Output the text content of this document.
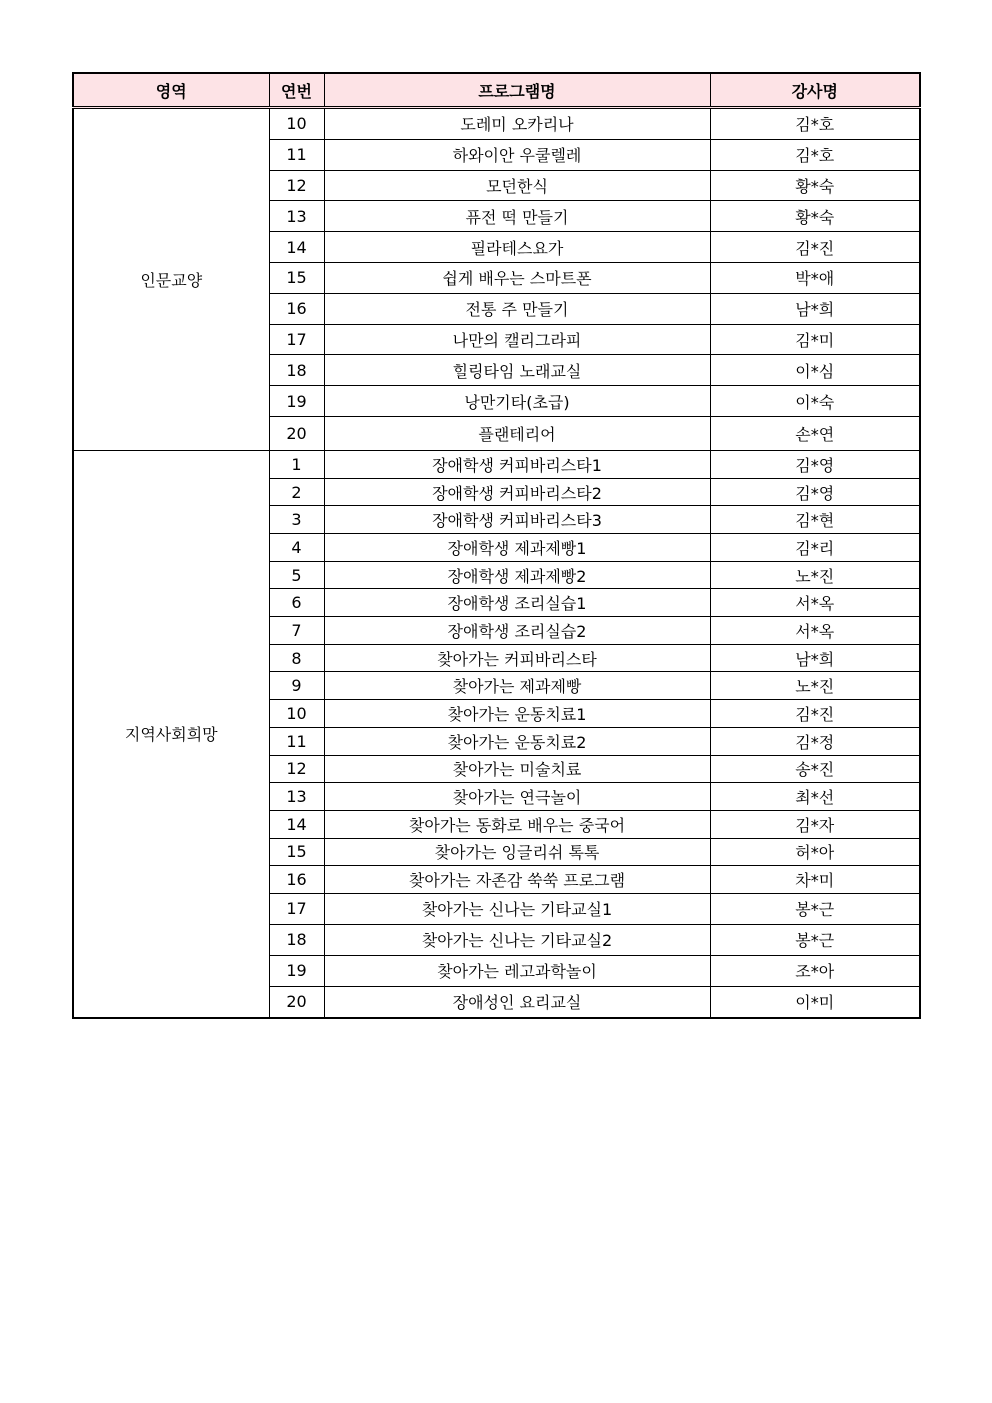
영역	연번	프로그램명	강사명
인문교양	10	도레미 오카리나	김*호
	11	하와이안 우쿨렐레	김*호
	12	모던한식	황*숙
	13	퓨전 떡 만들기	황*숙
	14	필라테스요가	김*진
	15	쉽게 배우는 스마트폰	박*애
	16	전통 주 만들기	남*희
	17	나만의 캘리그라피	김*미
	18	힐링타임 노래교실	이*심
	19	낭만기타(초급)	이*숙
	20	플랜테리어	손*연
지역사회희망	1	장애학생 커피바리스타1	김*영
	2	장애학생 커피바리스타2	김*영
	3	장애학생 커피바리스타3	김*현
	4	장애학생 제과제빵1	김*리
	5	장애학생 제과제빵2	노*진
	6	장애학생 조리실습1	서*옥
	7	장애학생 조리실습2	서*옥
	8	찾아가는 커피바리스타	남*희
	9	찾아가는 제과제빵	노*진
	10	찾아가는 운동치료1	김*진
	11	찾아가는 운동치료2	김*정
	12	찾아가는 미술치료	송*진
	13	찾아가는 연극놀이	최*선
	14	찾아가는 동화로 배우는 중국어	김*자
	15	찾아가는 잉글리쉬 톡톡	허*아
	16	찾아가는 자존감 쑥쑥 프로그램	차*미
	17	찾아가는 신나는 기타교실1	봉*근
	18	찾아가는 신나는 기타교실2	봉*근
	19	찾아가는 레고과학놀이	조*아
	20	장애성인 요리교실	이*미
